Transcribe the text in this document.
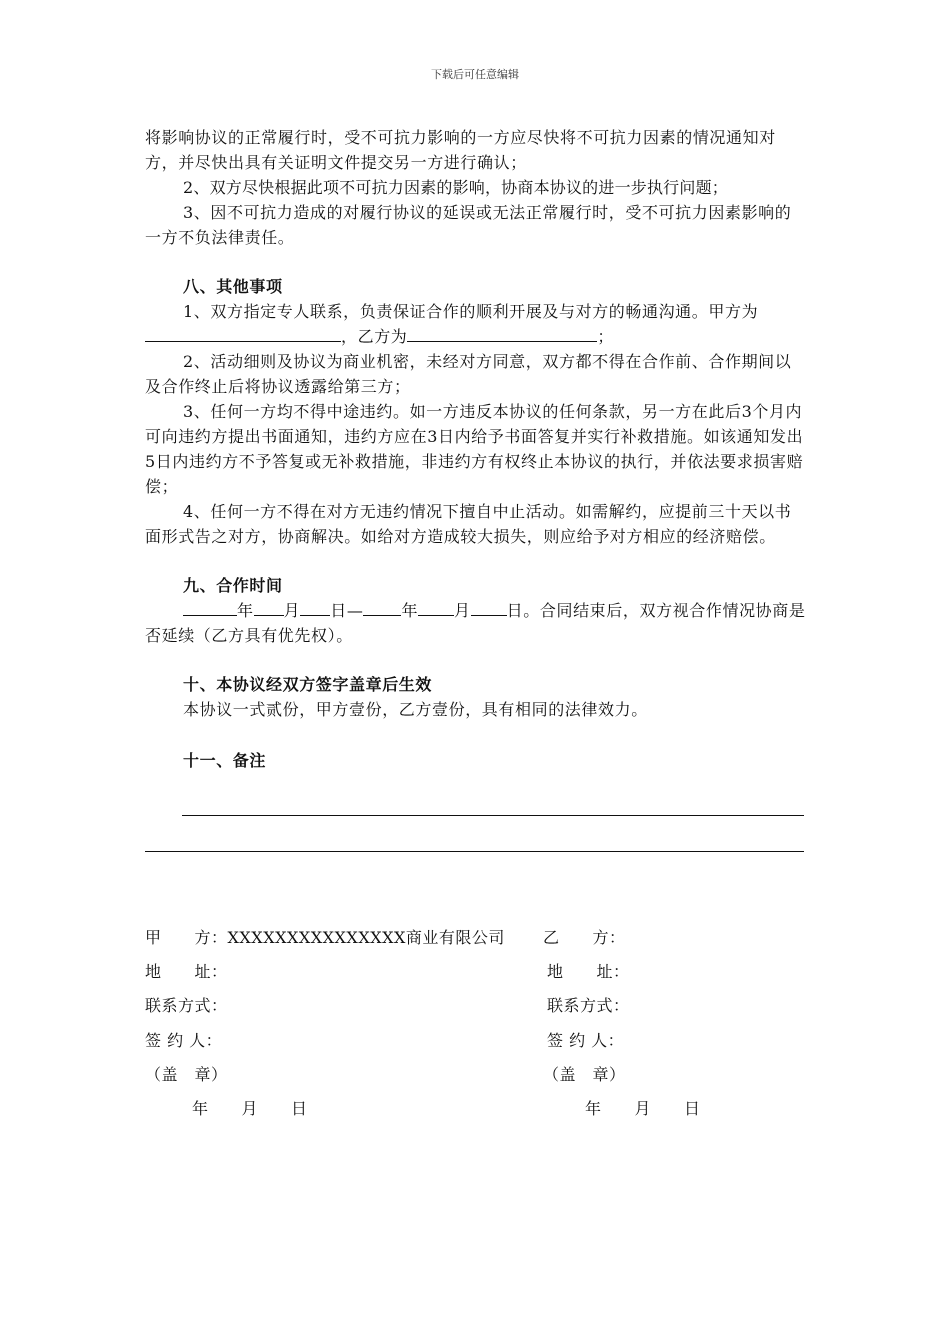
下载后可任意编辑

将影响协议的正常履行时，受不可抗力影响的一方应尽快将不可抗力因素的情况通知对方，并尽快出具有关证明文件提交另一方进行确认；

2、双方尽快根据此项不可抗力因素的影响，协商本协议的进一步执行问题；

3、因不可抗力造成的对履行协议的延误或无法正常履行时，受不可抗力因素影响的一方不负法律责任。

八、其他事项

1、双方指定专人联系，负责保证合作的顺利开展及与对方的畅通沟通。甲方为，乙方为	；

2、活动细则及协议为商业机密，未经对方同意，双方都不得在合作前、合作期间以及合作终止后将协议透露给第三方；

3、任何一方均不得中途违约。如一方违反本协议的任何条款，另一方在此后3个月内可向违约方提出书面通知，违约方应在3日内给予书面答复并实行补救措施。如该通知发出5日内违约方不予答复或无补救措施，非违约方有权终止本协议的执行，并依法要求损害赔偿；

4、任何一方不得在对方无违约情况下擅自中止活动。如需解约，应提前三十天以书面形式告之对方，协商解决。如给对方造成较大损失，则应给予对方相应的经济赔偿。

九、合作时间

年 月 日— 年 月 日。合同结束后，双方视合作情况协商是否延续（乙方具有优先权）。

十、本协议经双方签字盖章后生效

本协议一式贰份，甲方壹份，乙方壹份，具有相同的法律效力。

十一、备注

甲　　方：XXXXXXXXXXXXXXX商业有限公司
地　　址：
联系方式：
签 约 人：
（盖　章）
年　　月　　日
乙　　方：
地　　址：
联系方式：
签 约 人：
（盖　章）
年　　月　　日
